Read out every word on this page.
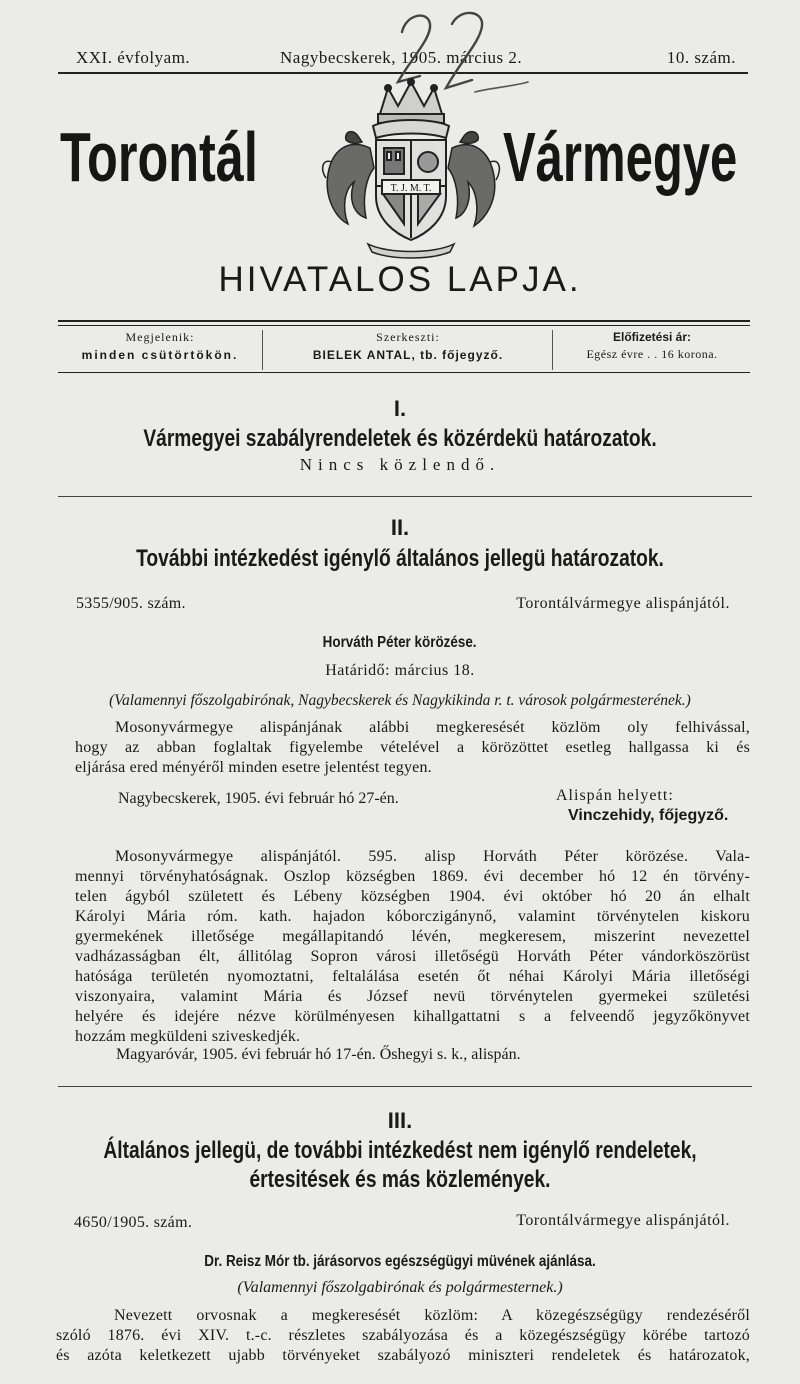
XXI. évfolyam.	Nagybecskerek, 1905. március 2.	10. szám.
Torontál	T. J. M. T. Vármegye
HIVATALOS LAPJA.
Megjelenik:
minden csütörtökön.
Szerkeszti:
BIELEK ANTAL, tb. főjegyző.
Előfizetési ár:
Egész évre . . 16 korona.
I.
Vármegyei szabályrendeletek és közérdekü határozatok.
Nincs közlendő.
II.
További intézkedést igénylő általános jellegü határozatok.
5355/905. szám.	Torontálvármegye alispánjától.
Horváth Péter körözése.
Határidő: március 18.
(Valamennyi főszolgabirónak, Nagybecskerek és Nagykikinda r. t. városok polgármesterének.)
Mosonyvármegye alispánjának alábbi megkeresését közlöm oly felhivással,
hogy az abban foglaltak figyelembe vételével a körözöttet esetleg hallgassa ki és
eljárása ered ményéről minden esetre jelentést tegyen.
Nagybecskerek, 1905. évi február hó 27-én.	Alispán helyett:
Vinczehidy, főjegyző.
Mosonyvármegye alispánjától. 595. alisp Horváth Péter körözése. Vala-
mennyi törvényhatóságnak. Oszlop községben 1869. évi december hó 12 én törvény-
telen ágyból született és Lébeny községben 1904. évi október hó 20 án elhalt
Károlyi Mária róm. kath. hajadon kóborczigánynő, valamint törvénytelen kiskoru
gyermekének illetősége megállapitandó lévén, megkeresem, miszerint nevezettel
vadházasságban élt, állitólag Sopron városi illetőségü Horváth Péter vándorköszörüst
hatósága területén nyomoztatni, feltalálása esetén őt néhai Károlyi Mária illetőségi
viszonyaira, valamint Mária és József nevü törvénytelen gyermekei születési
helyére és idejére nézve körülményesen kihallgattatni s a felveendő jegyzőkönyvet
hozzám megküldeni sziveskedjék.
Magyaróvár, 1905. évi február hó 17-én. Őshegyi s. k., alispán.
III.
Általános jellegü, de további intézkedést nem igénylő rendeletek,
értesitések és más közlemények.
4650/1905. szám.	Torontálvármegye alispánjától.
Dr. Reisz Mór tb. járásorvos egészségügyi müvének ajánlása.
(Valamennyi főszolgabirónak és polgármesternek.)
Nevezett orvosnak a megkeresését közlöm: A közegészségügy rendezéséről
szóló 1876. évi XIV. t.-c. részletes szabályozása és a közegészségügy körébe tartozó
és azóta keletkezett ujabb törvényeket szabályozó miniszteri rendeletek és határozatok,
